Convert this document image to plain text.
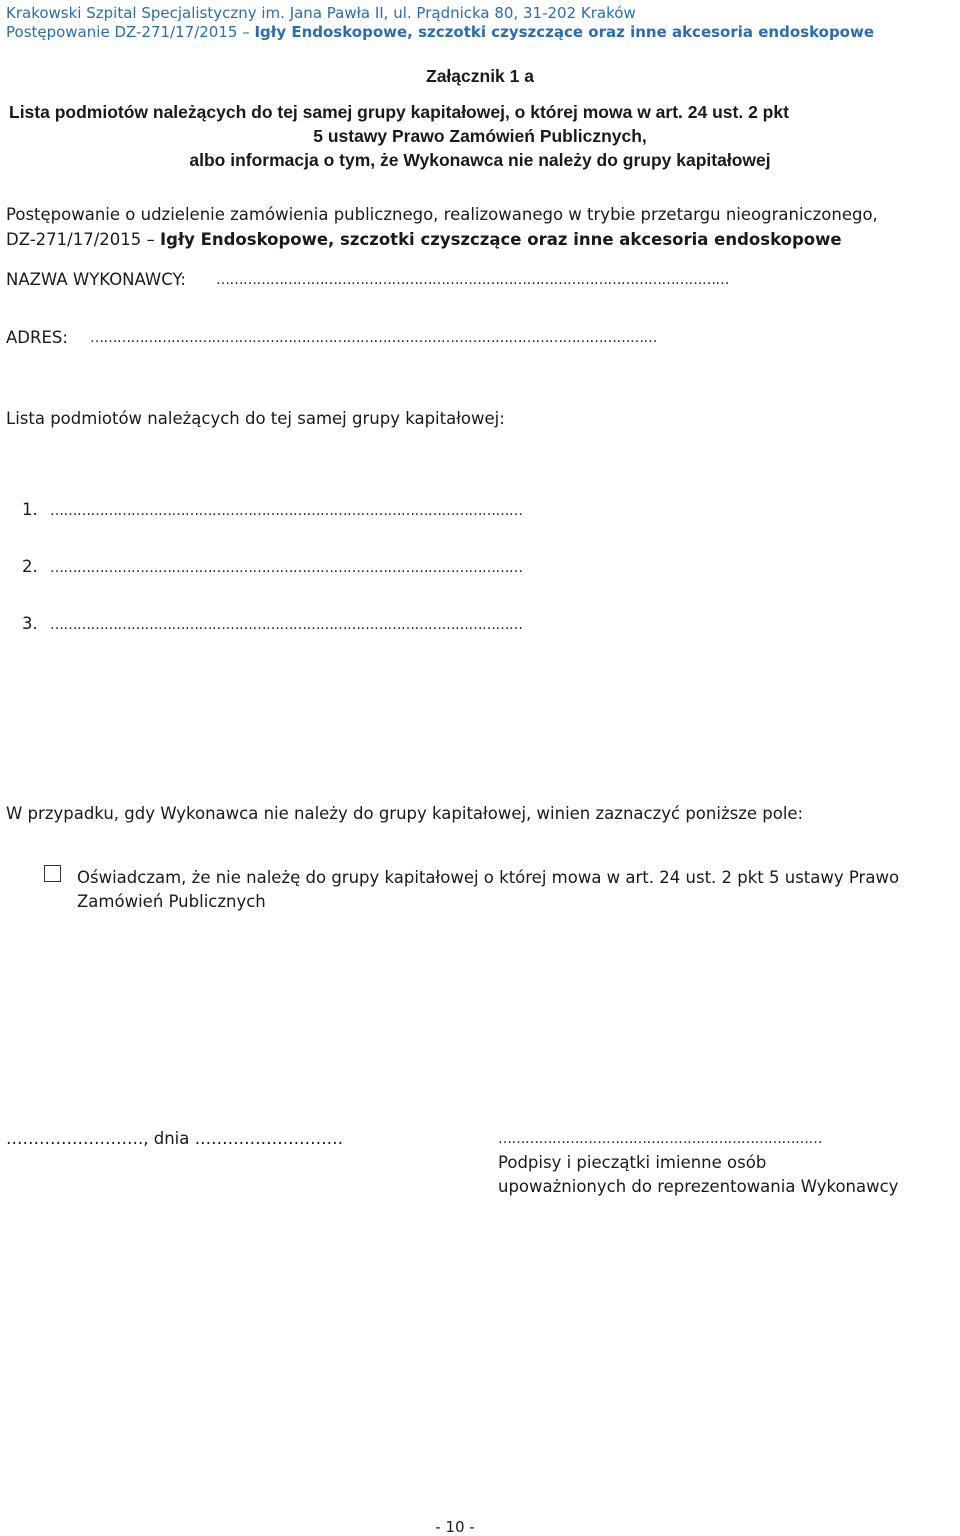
Krakowski Szpital Specjalistyczny im. Jana Pawła II, ul. Prądnicka 80, 31-202 Kraków
Postępowanie DZ-271/17/2015 – Igły Endoskopowe, szczotki czyszczące oraz inne akcesoria endoskopowe
Załącznik 1 a
Lista podmiotów należących do tej samej grupy kapitałowej, o której mowa w art. 24 ust. 2 pkt
5 ustawy Prawo Zamówień Publicznych,
albo informacja o tym, że Wykonawca nie należy do grupy kapitałowej
Postępowanie o udzielenie zamówienia publicznego, realizowanego w trybie przetargu nieograniczonego,
DZ-271/17/2015 – Igły Endoskopowe, szczotki czyszczące oraz inne akcesoria endoskopowe
NAZWA WYKONAWCY: ……………………………………………………………………………………………………
ADRES: ………………………………………………………………………………………………………………
Lista podmiotów należących do tej samej grupy kapitałowej:
1. ……………………………………………………………………………………………
2. ……………………………………………………………………………………………
3. ……………………………………………………………………………………………
W przypadku, gdy Wykonawca nie należy do grupy kapitałowej, winien zaznaczyć poniższe pole:
Oświadczam, że nie należę do grupy kapitałowej o której mowa w art. 24 ust. 2 pkt 5 ustawy Prawo
Zamówień Publicznych
……………………., dnia ………………………	………………………………………………………………
Podpisy i pieczątki imienne osób
upoważnionych do reprezentowania Wykonawcy
- 10 -
